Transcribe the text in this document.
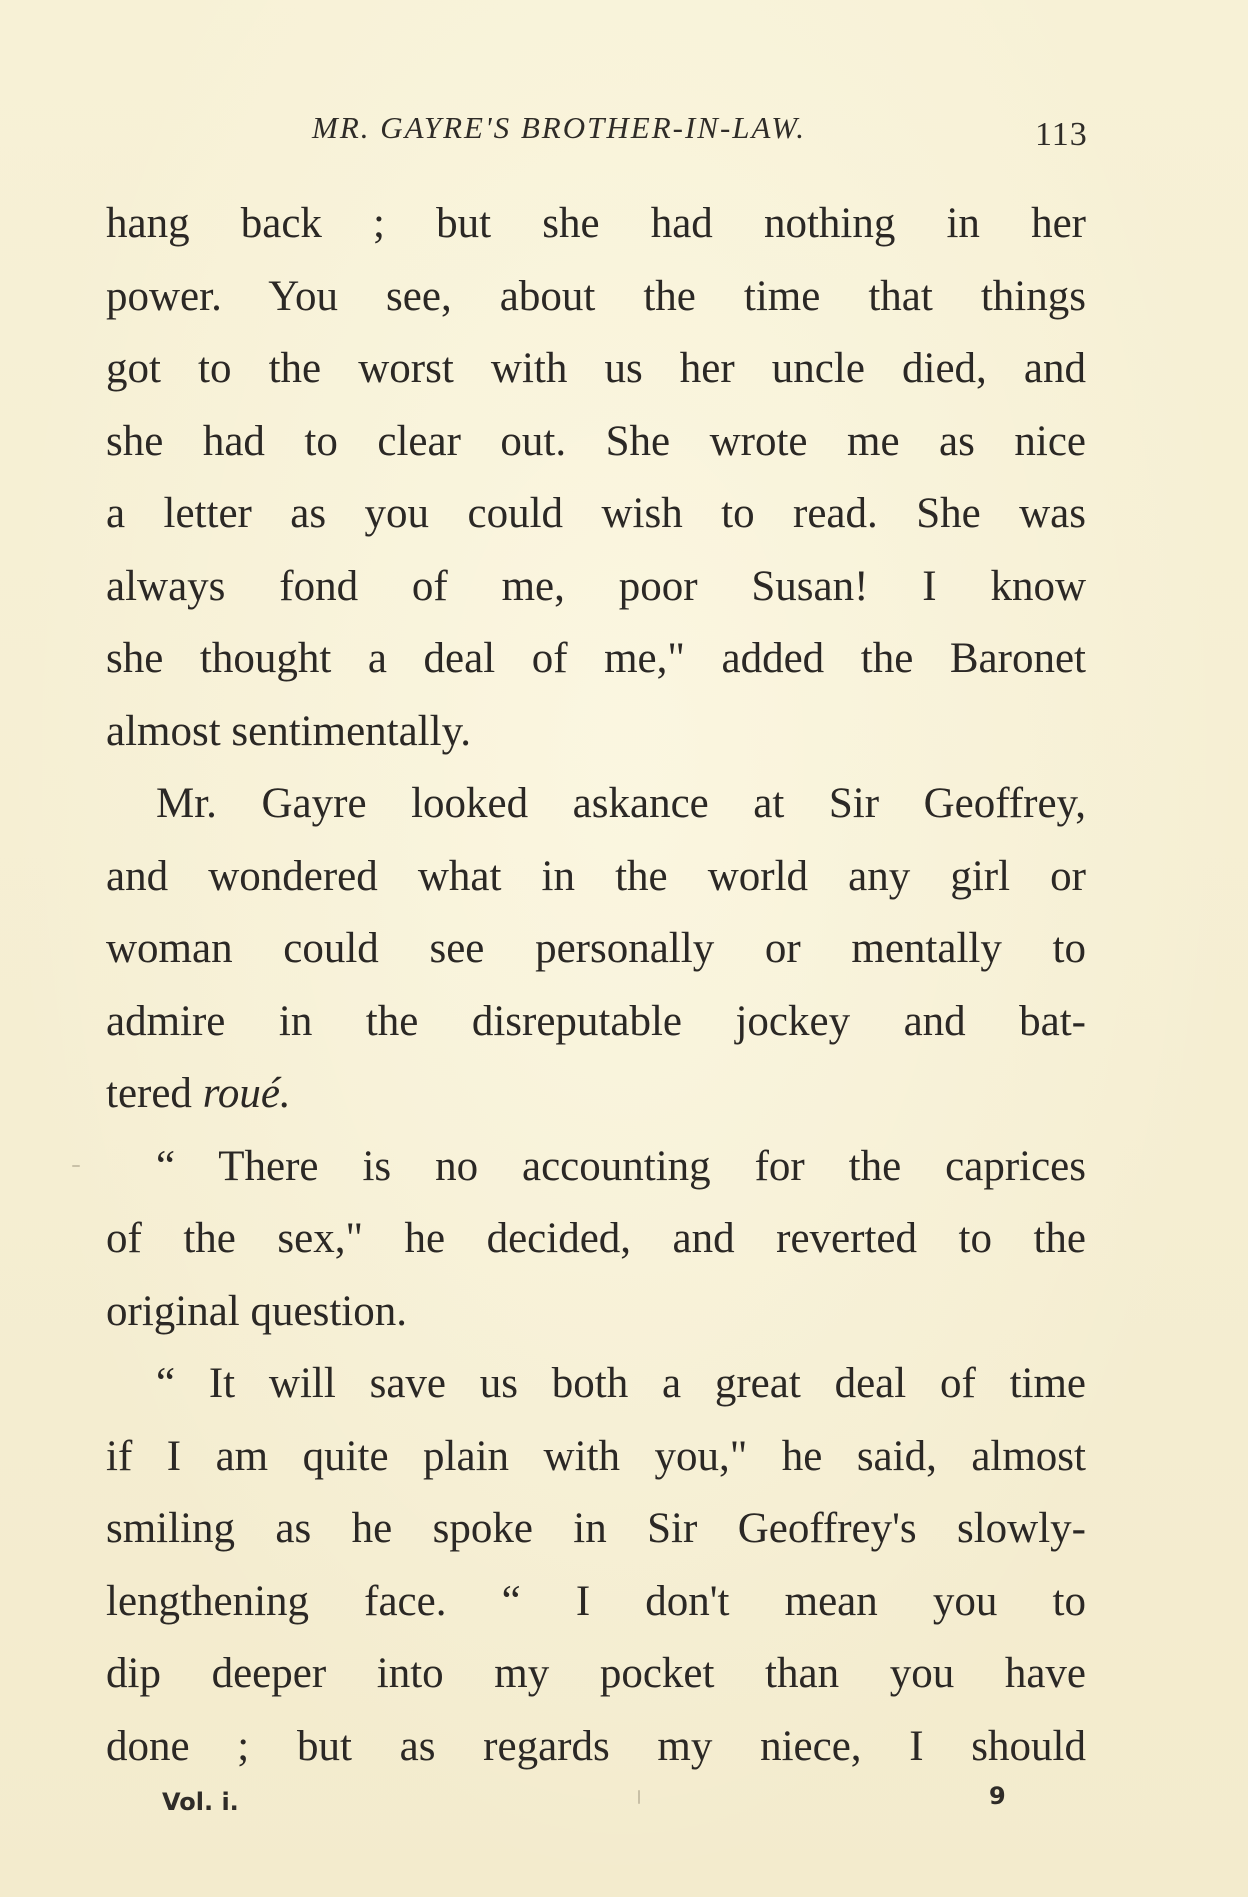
MR. GAYRE'S BROTHER-IN-LAW.	113
hang back ; but she had nothing in her
power. You see, about the time that things
got to the worst with us her uncle died, and
she had to clear out. She wrote me as nice
a letter as you could wish to read. She was
always fond of me, poor Susan! I know
she thought a deal of me," added the Baronet
almost sentimentally.
Mr. Gayre looked askance at Sir Geoffrey,
and wondered what in the world any girl or
woman could see personally or mentally to
admire in the disreputable jockey and bat-
tered roué.
“ There is no accounting for the caprices
of the sex," he decided, and reverted to the
original question.
“ It will save us both a great deal of time
if I am quite plain with you," he said, almost
smiling as he spoke in Sir Geoffrey's slowly-
lengthening face. “ I don't mean you to
dip deeper into my pocket than you have
done ; but as regards my niece, I should
Vol. i.	9
